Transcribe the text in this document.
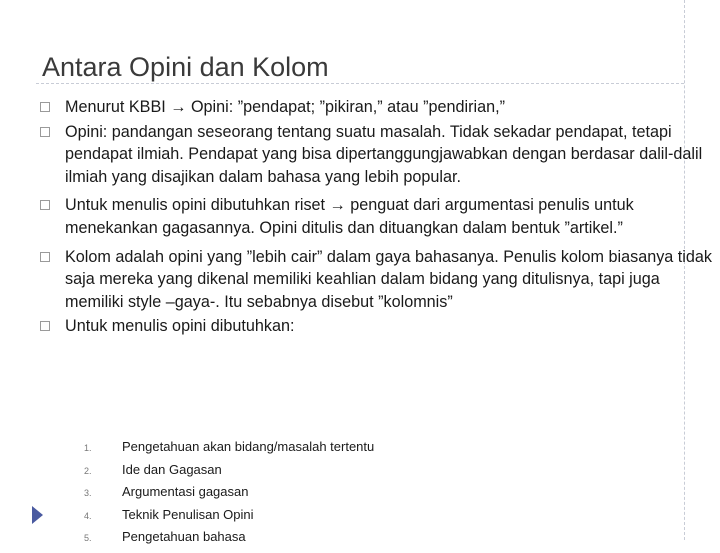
Antara Opini dan Kolom
Menurut KBBI → Opini: ”pendapat; ”pikiran,” atau ”pendirian,”
Opini: pandangan seseorang tentang suatu masalah. Tidak sekadar pendapat, tetapi pendapat ilmiah. Pendapat yang bisa dipertanggungjawabkan dengan berdasar dalil-dalil ilmiah yang disajikan dalam bahasa yang lebih popular.
Untuk menulis opini dibutuhkan riset → penguat dari argumentasi penulis untuk menekankan gagasannya. Opini ditulis dan dituangkan dalam bentuk ”artikel.”
Kolom adalah opini yang ”lebih cair” dalam gaya bahasanya. Penulis kolom biasanya tidak saja mereka yang dikenal memiliki keahlian dalam bidang yang ditulisnya, tapi juga memiliki style –gaya-. Itu sebabnya disebut ”kolomnis”
Untuk menulis opini dibutuhkan:
1. Pengetahuan akan bidang/masalah tertentu
2. Ide dan Gagasan
3. Argumentasi gagasan
4. Teknik Penulisan Opini
5. Pengetahuan bahasa
